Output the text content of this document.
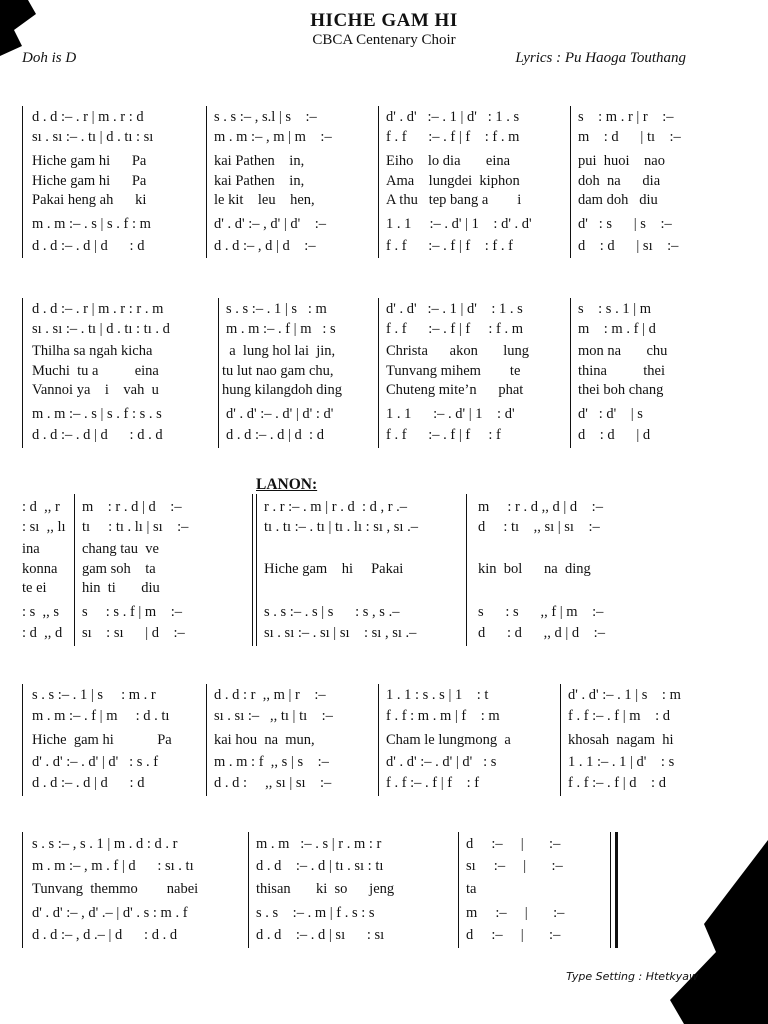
HICHE GAM HI
CBCA Centenary Choir
Doh is D	Lyrics : Pu Haoga Touthang
d . d :– . r | m . r : d
sı . sı :– . tı | d . tı : sı
Hiche gam hi      Pa
Hiche gam hi      Pa
Pakai heng ah      ki
m . m :– . s | s . f : m
d . d :– . d | d      : d
s . s :– , s.l | s    :–
m . m :– , m | m    :–
kai Pathen    in,
kai Pathen    in,
le kit    leu    hen,
d' . d' :– , d' | d'    :–
d . d :– , d | d    :–
d' . d'   :– . 1 | d'   : 1 . s
f . f      :– . f | f    : f . m
Eiho    lo dia       eina
Ama    lungdei  kiphon
A thu   tep bang a        i
1 . 1     :– . d' | 1    : d' . d'
f . f      :– . f | f    : f . f
s    : m . r | r    :–
m    : d      | tı    :–
pui  huoi    nao
doh  na      dia
dam doh   diu
d'   : s      | s    :–
d    : d      | sı    :–
d . d :– . r | m . r : r . m
sı . sı :– . tı | d . tı : tı . d
Thilha sa ngah kicha
Muchi  tu a          eina
Vannoi ya    i    vah  u
m . m :– . s | s . f : s . s
d . d :– . d | d      : d . d
s . s :– . 1 | s   : m
m . m :– . f | m   : s
a  lung hol lai  jin,
tu lut nao gam chu,
hung kilangdoh ding
d' . d' :– . d' | d' : d'
d . d :– . d | d  : d
d' . d'   :– . 1 | d'    : 1 . s
f . f      :– . f | f     : f . m
Christa      akon       lung
Tunvang mihem        te
Chuteng mite’n      phat
1 . 1      :– . d' | 1    : d'
f . f      :– . f | f     : f
s    : s . 1 | m
m    : m . f | d
mon na       chu
thina          thei
thei boh chang
d'   : d'    | s
d    : d      | d
LANON:
: d  ,, r
: sı  ,, lı
ina
konna
te ei
: s  ,, s
: d  ,, d
m    : r . d | d    :–
tı     : tı . lı | sı    :–
chang tau  ve
gam soh    ta
hin  ti       diu
s     : s . f | m    :–
sı    : sı      | d    :–
r . r :– . m | r . d  : d , r .–
tı . tı :– . tı | tı . lı : sı , sı .–
Hiche gam    hi     Pakai
s . s :– . s | s      : s , s .–
sı . sı :– . sı | sı    : sı , sı .–
m     : r . d ,, d | d    :–
d     : tı    ,, sı | sı    :–
kin  bol      na  ding
s      : s      ,, f | m    :–
d      : d      ,, d | d    :–
s . s :– . 1 | s     : m . r
m . m :– . f | m     : d . tı
Hiche  gam hi            Pa
d' . d' :– . d' | d'   : s . f
d . d :– . d | d      : d
d . d : r  ,, m | r    :–
sı . sı :–   ,, tı | tı    :–
kai hou  na  mun,
m . m : f  ,, s | s    :–
d . d :     ,, sı | sı    :–
1 . 1 : s . s | 1    : t
f . f : m . m | f    : m
Cham le lungmong  a
d' . d' :– . d' | d'   : s
f . f :– . f | f    : f
d' . d' :– . 1 | s    : m
f . f :– . f | m    : d
khosah  nagam  hi
1 . 1 :– . 1 | d'    : s
f . f :– . f | d    : d
s . s :– , s . 1 | m . d : d . r
m . m :– , m . f | d      : sı . tı
Tunvang  themmo        nabei
d' . d' :– , d' .– | d' . s : m . f
d . d :– , d .– | d      : d . d
m . m   :– . s | r . m : r
d . d    :– . d | tı . sı : tı
thisan       ki  so      jeng
s . s    :– . m | f . s : s
d . d    :– . d | sı      : sı
d     :–     |       :–
sı     :–     |       :–
ta
m     :–     |       :–
d     :–     |       :–
Type Setting : Htetkyaw
